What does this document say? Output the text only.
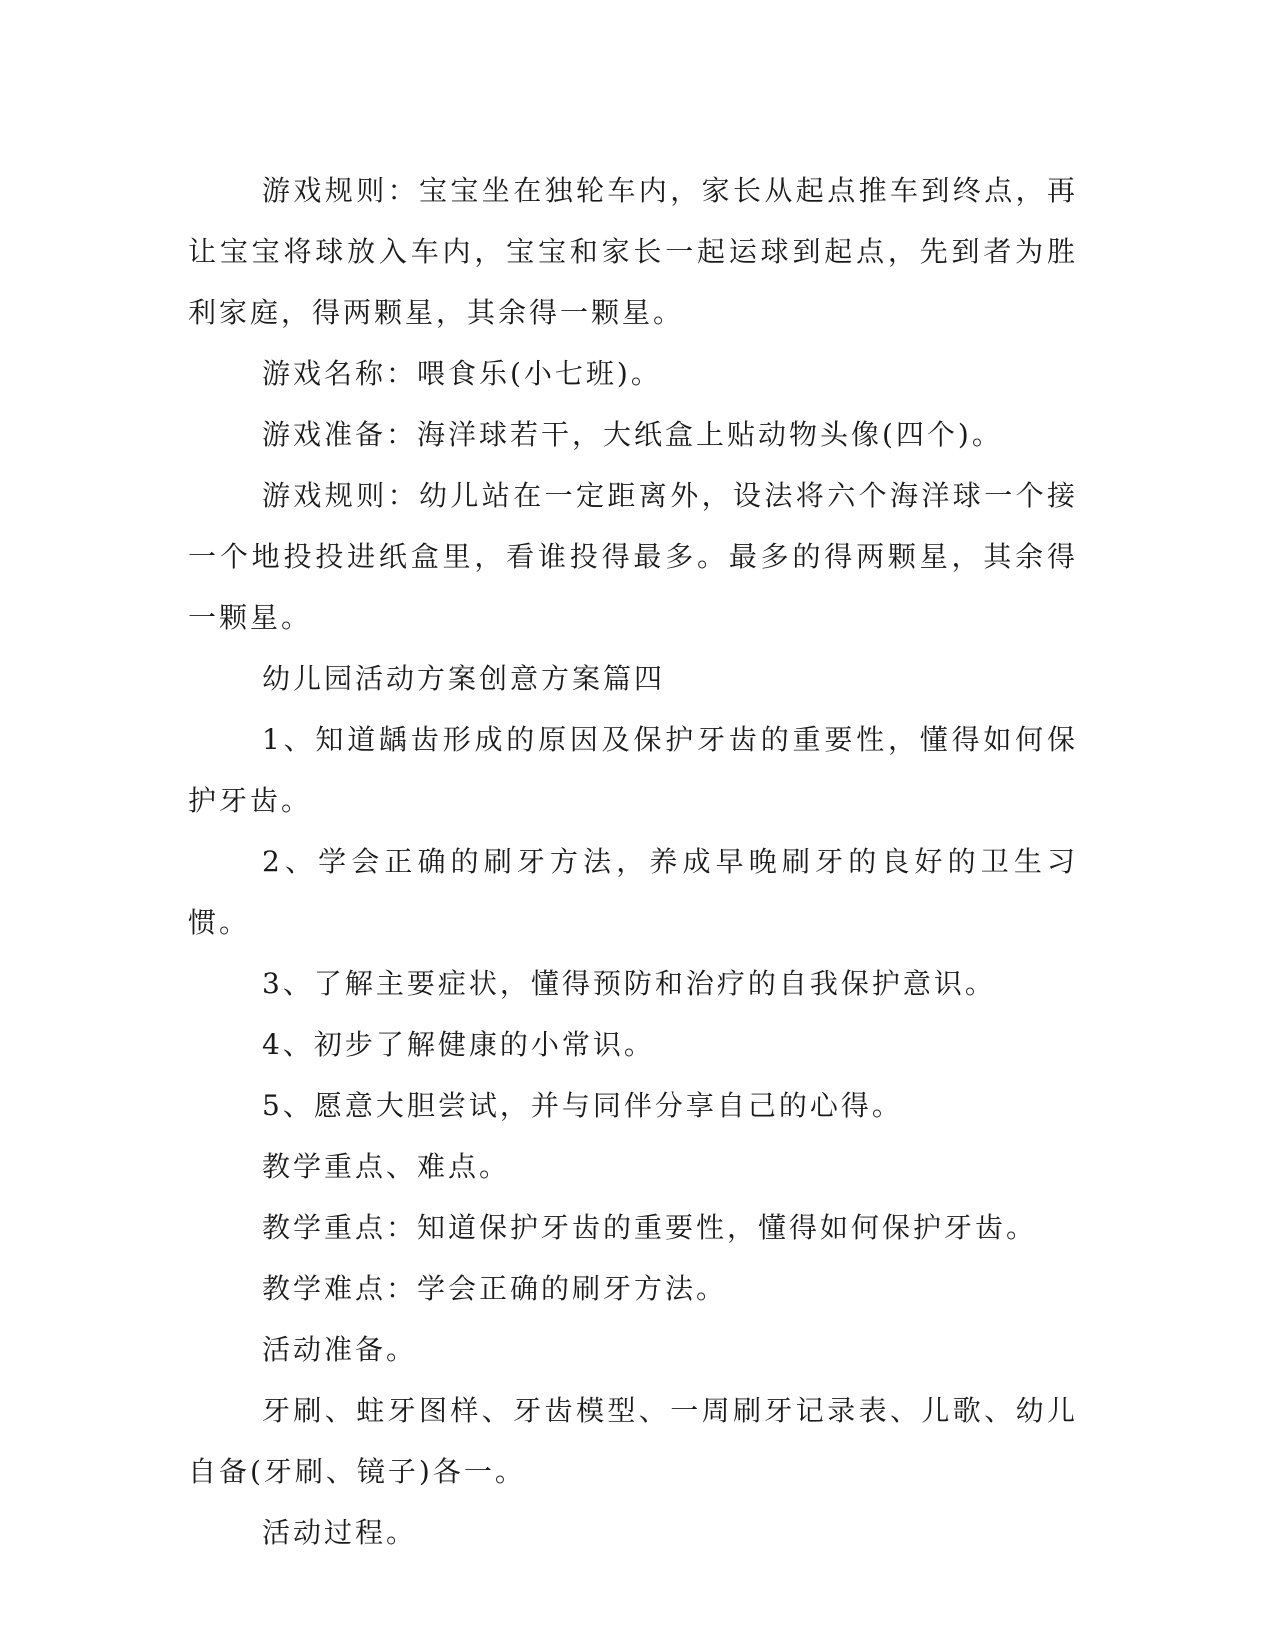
游戏规则：宝宝坐在独轮车内，家长从起点推车到终点，再让宝宝将球放入车内，宝宝和家长一起运球到起点，先到者为胜利家庭，得两颗星，其余得一颗星。

游戏名称：喂食乐(小七班)。

游戏准备：海洋球若干，大纸盒上贴动物头像(四个)。

游戏规则：幼儿站在一定距离外，设法将六个海洋球一个接一个地投投进纸盒里，看谁投得最多。最多的得两颗星，其余得一颗星。

幼儿园活动方案创意方案篇四

1、知道龋齿形成的原因及保护牙齿的重要性，懂得如何保护牙齿。

2、学会正确的刷牙方法，养成早晚刷牙的良好的卫生习惯。

3、了解主要症状，懂得预防和治疗的自我保护意识。

4、初步了解健康的小常识。

5、愿意大胆尝试，并与同伴分享自己的心得。

教学重点、难点。

教学重点：知道保护牙齿的重要性，懂得如何保护牙齿。

教学难点：学会正确的刷牙方法。

活动准备。

牙刷、蛀牙图样、牙齿模型、一周刷牙记录表、儿歌、幼儿自备(牙刷、镜子)各一。

活动过程。
